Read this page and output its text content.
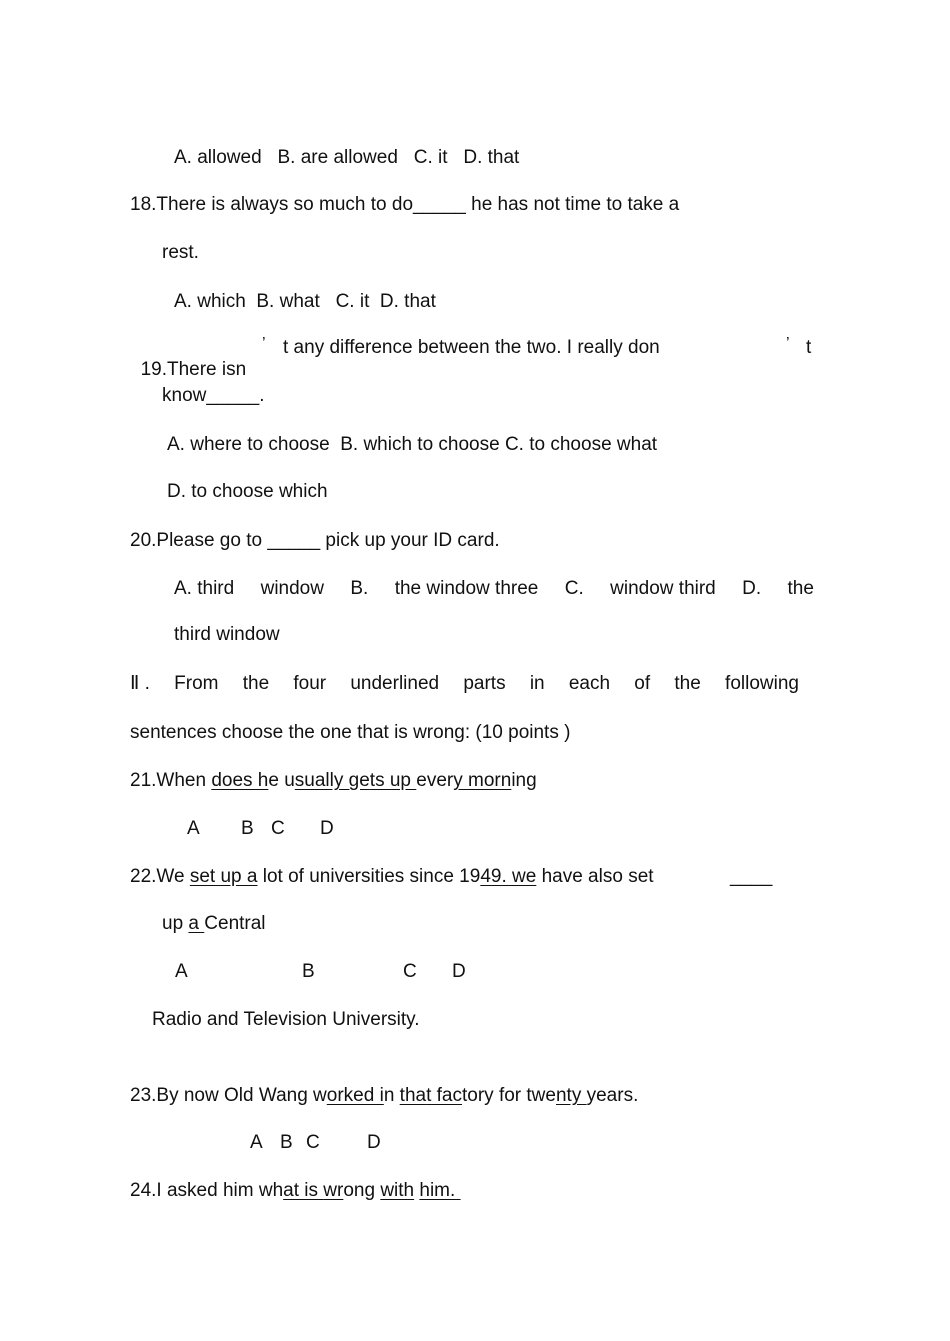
A. allowed   B. are allowed   C. it   D. that
18.There is always so much to do_____ he has not time to take a
rest.
A. which  B. what   C. it  D. that

19.There isn

’ t any difference between the two. I really don	’ t
know_____.
A. where to choose  B. which to choose C. to choose what
D. to choose which
20.Please go to _____ pick up your ID card.
A. third window B. the window three C. window third D. the
third window
Ⅱ . From the four underlined parts in each of the following
sentences choose the one that is wrong: (10 points )
21.When does he usually gets up every morning
A B C D
22.We set up a lot of universities since 1949. we have also set	____
up a Central
A	B	C D
Radio and Television University.
23.By now Old Wang worked in that factory for twenty years.
A B C D
24.I asked him what is wrong with him.
